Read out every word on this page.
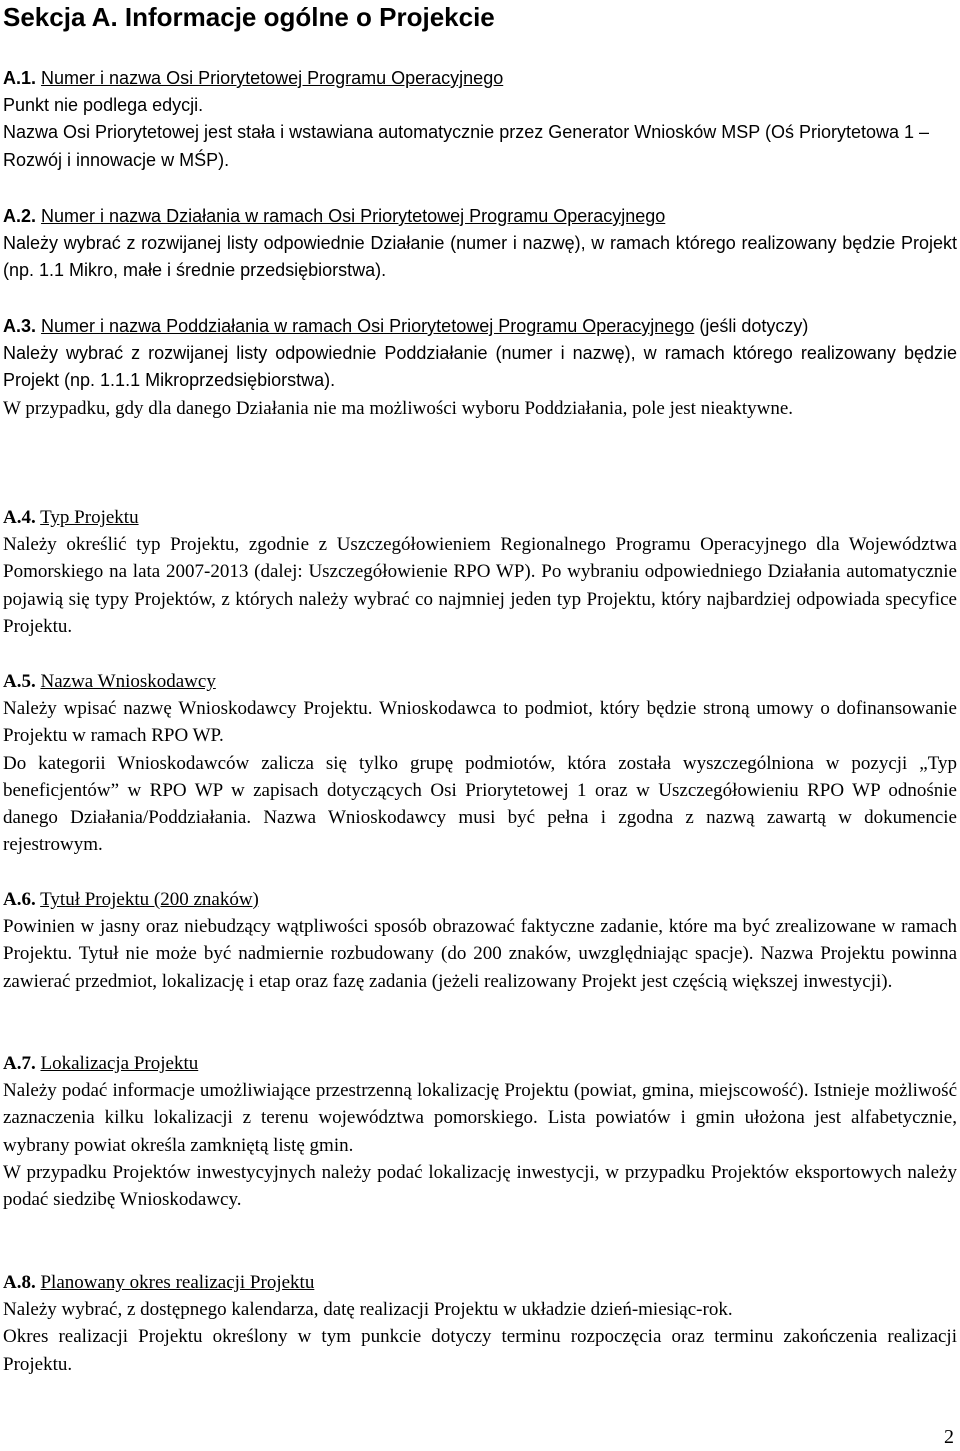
Sekcja A. Informacje ogólne o Projekcie

A.1. Numer i nazwa Osi Priorytetowej Programu Operacyjnego

Punkt nie podlega edycji.

Nazwa Osi Priorytetowej jest stała i wstawiana automatycznie przez Generator Wniosków MSP (Oś Priorytetowa 1 – Rozwój i innowacje w MŚP).

A.2. Numer i nazwa Działania w ramach Osi Priorytetowej Programu Operacyjnego

Należy wybrać z rozwijanej listy odpowiednie Działanie (numer i nazwę), w ramach którego realizowany będzie Projekt (np. 1.1 Mikro, małe i średnie przedsiębiorstwa).

A.3. Numer i nazwa Poddziałania w ramach Osi Priorytetowej Programu Operacyjnego (jeśli dotyczy)

Należy wybrać z rozwijanej listy odpowiednie Poddziałanie (numer i nazwę), w ramach którego realizowany będzie Projekt (np. 1.1.1 Mikroprzedsiębiorstwa).

W przypadku, gdy dla danego Działania nie ma możliwości wyboru Poddziałania, pole jest nieaktywne.

A.4. Typ Projektu

Należy określić typ Projektu, zgodnie z Uszczegółowieniem Regionalnego Programu Operacyjnego dla Województwa Pomorskiego na lata 2007-2013 (dalej: Uszczegółowienie RPO WP). Po wybraniu odpowiedniego Działania automatycznie pojawią się typy Projektów, z których należy wybrać co najmniej jeden typ Projektu, który najbardziej odpowiada specyfice Projektu.

A.5. Nazwa Wnioskodawcy

Należy wpisać nazwę Wnioskodawcy Projektu. Wnioskodawca to podmiot, który będzie stroną umowy o dofinansowanie Projektu w ramach RPO WP.

Do kategorii Wnioskodawców zalicza się tylko grupę podmiotów, która została wyszczególniona w pozycji „Typ beneficjentów” w RPO WP w zapisach dotyczących Osi Priorytetowej 1 oraz w Uszczegółowieniu RPO WP odnośnie danego Działania/Poddziałania. Nazwa Wnioskodawcy musi być pełna i zgodna z nazwą zawartą w dokumencie rejestrowym.

A.6. Tytuł Projektu (200 znaków)

Powinien w jasny oraz niebudzący wątpliwości sposób obrazować faktyczne zadanie, które ma być zrealizowane w ramach Projektu. Tytuł nie może być nadmiernie rozbudowany (do 200 znaków, uwzględniając spacje). Nazwa Projektu powinna zawierać przedmiot, lokalizację i etap oraz fazę zadania (jeżeli realizowany Projekt jest częścią większej inwestycji).

A.7. Lokalizacja Projektu

Należy podać informacje umożliwiające przestrzenną lokalizację Projektu (powiat, gmina, miejscowość). Istnieje możliwość zaznaczenia kilku lokalizacji z terenu województwa pomorskiego. Lista powiatów i gmin ułożona jest alfabetycznie, wybrany powiat określa zamkniętą listę gmin.

W przypadku Projektów inwestycyjnych należy podać lokalizację inwestycji, w przypadku Projektów eksportowych należy podać siedzibę Wnioskodawcy.

A.8. Planowany okres realizacji Projektu

Należy wybrać, z dostępnego kalendarza, datę realizacji Projektu w układzie dzień-miesiąc-rok.

Okres realizacji Projektu określony w tym punkcie dotyczy terminu rozpoczęcia oraz terminu zakończenia realizacji Projektu.

2
